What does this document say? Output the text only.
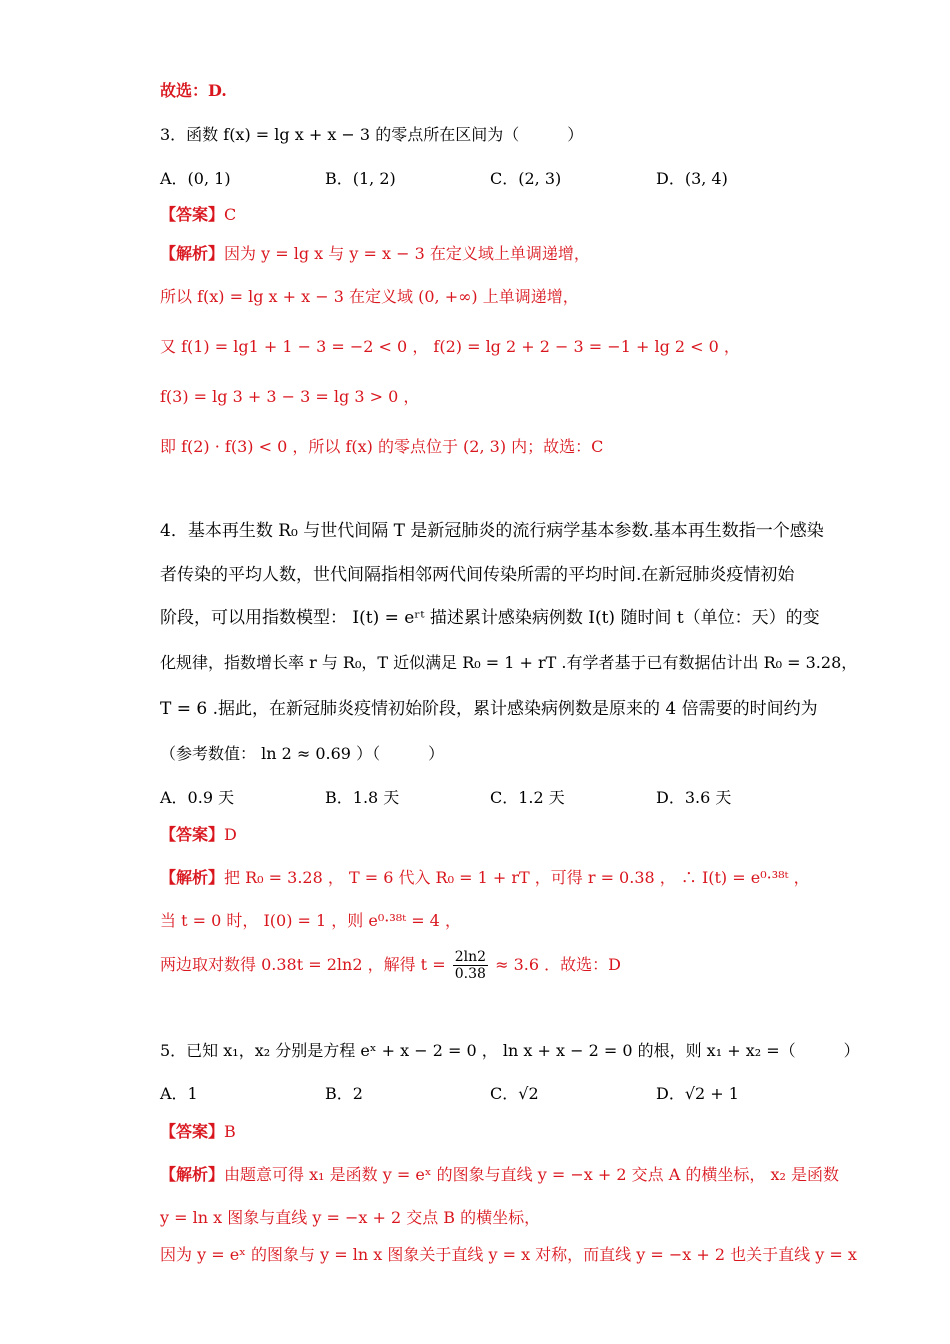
故选：D.
3．函数 f(x) = lg x + x − 3 的零点所在区间为（　　　）
A．(0, 1)	B．(1, 2)	C．(2, 3)	D．(3, 4)
【答案】C
【解析】因为 y = lg x 与 y = x − 3 在定义域上单调递增，
所以 f(x) = lg x + x − 3 在定义域 (0, +∞) 上单调递增，
又 f(1) = lg1 + 1 − 3 = −2 < 0 ， f(2) = lg 2 + 2 − 3 = −1 + lg 2 < 0 ，
f(3) = lg 3 + 3 − 3 = lg 3 > 0 ，
即 f(2) · f(3) < 0 ，所以 f(x) 的零点位于 (2, 3) 内；故选：C
4．基本再生数 R₀ 与世代间隔 T 是新冠肺炎的流行病学基本参数.基本再生数指一个感染
者传染的平均人数，世代间隔指相邻两代间传染所需的平均时间.在新冠肺炎疫情初始
阶段，可以用指数模型： I(t) = eʳᵗ 描述累计感染病例数 I(t) 随时间 t（单位：天）的变
化规律，指数增长率 r 与 R₀，T 近似满足 R₀ = 1 + rT .有学者基于已有数据估计出 R₀ = 3.28，
T = 6 .据此，在新冠肺炎疫情初始阶段，累计感染病例数是原来的 4 倍需要的时间约为
（参考数值： ln 2 ≈ 0.69 ）（　　　）
A．0.9 天	B．1.8 天	C．1.2 天	D．3.6 天
【答案】D
【解析】把 R₀ = 3.28 ， T = 6 代入 R₀ = 1 + rT ，可得 r = 0.38 ， ∴ I(t) = e⁰·³⁸ᵗ ，
当 t = 0 时， I(0) = 1 ，则 e⁰·³⁸ᵗ = 4 ，
两边取对数得 0.38t = 2ln2 ，解得 $t = \frac{2\ln 2}{0.38} \approx 3.6$ ．故选：D
5．已知 x₁，x₂ 分别是方程 eˣ + x − 2 = 0 ， ln x + x − 2 = 0 的根，则 x₁ + x₂ =（　　　）
A．1	B．2	C．√2	D．√2 + 1
【答案】B
【解析】由题意可得 x₁ 是函数 y = eˣ 的图象与直线 y = −x + 2 交点 A 的横坐标， x₂ 是函数
y = ln x 图象与直线 y = −x + 2 交点 B 的横坐标，
因为 y = eˣ 的图象与 y = ln x 图象关于直线 y = x 对称，而直线 y = −x + 2 也关于直线 y = x
